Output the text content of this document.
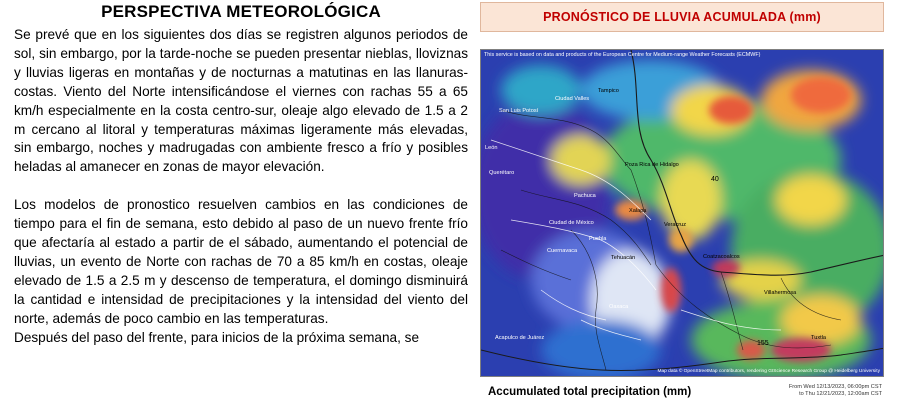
PERSPECTIVA METEOROLÓGICA

Se prevé que en los siguientes dos días se registren algunos periodos de sol, sin embargo, por la tarde-noche se pueden presentar nieblas, lloviznas y lluvias ligeras en montañas y de nocturnas a matutinas en las llanuras-costas. Viento del Norte intensificándose el viernes con rachas 55 a 65 km/h especialmente en la costa centro-sur, oleaje algo elevado de 1.5 a 2 m cercano al litoral y temperaturas máximas ligeramente más elevadas, sin embargo, noches y madrugadas con ambiente fresco a frío y posibles heladas al amanecer en zonas de mayor elevación.

Los modelos de pronostico resuelven cambios en las condiciones de tiempo para el fin de semana, esto debido al paso de un nuevo frente frío que afectaría al estado a partir de el sábado, aumentando el potencial de lluvias, un evento de Norte con rachas de 70 a 85 km/h en costas, oleaje elevado de 1.5 a 2.5 m y descenso de temperatura, el domingo disminuirá la cantidad e intensidad de precipitaciones y la intensidad del viento del norte, además de poco cambio en las temperaturas.

Después del paso del frente, para inicios de la próxima semana, se

PRONÓSTICO DE LLUVIA ACUMULADA (mm)
This service is based on data and products of the European Centre for Medium-range Weather Forecasts (ECMWF)
Ciudad Valles
Tampico
San Luis Potosí
Poza Rica de Hidalgo
Pachuca
Xalapa
Veracruz
Ciudad de México
Puebla
Cuernavaca
Tehuacán	Coatzacoalcos
Villahermosa
Oaxaca
Acapulco de Juárez
Querétaro
León
Tuxtla
40
155
Map data © OpenStreetMap contributors, rendering GIScience Research Group @ Heidelberg University
Accumulated total precipitation (mm)	From Wed 12/13/2023, 06:00pm CST
to Thu 12/21/2023, 12:00am CST
